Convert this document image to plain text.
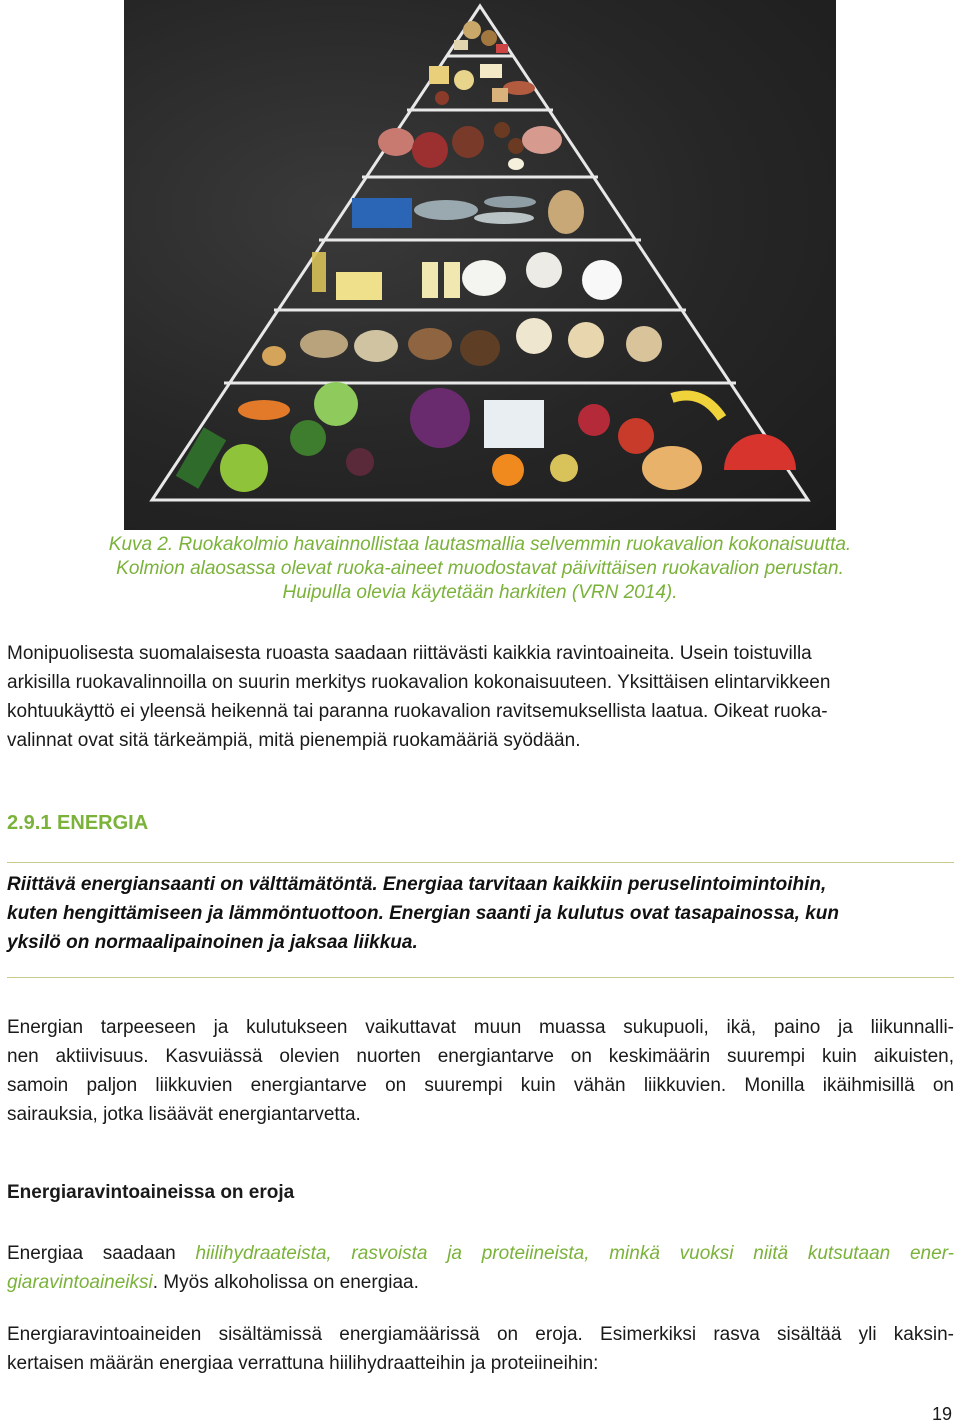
Kuva 2. Ruokakolmio havainnollistaa lautasmallia selvemmin ruokavalion kokonaisuutta.
Kolmion alaosassa olevat ruoka-aineet muodostavat päivittäisen ruokavalion perustan.
Huipulla olevia käytetään harkiten (VRN 2014).
Monipuolisesta suomalaisesta ruoasta saadaan riittävästi kaikkia ravintoaineita. Usein toistuvilla
arkisilla ruokavalinnoilla on suurin merkitys ruokavalion kokonaisuuteen. Yksittäisen elintarvikkeen
kohtuukäyttö ei yleensä heikennä tai paranna ruokavalion ravitsemuksellista laatua. Oikeat ruoka-
valinnat ovat sitä tärkeämpiä, mitä pienempiä ruokamääriä syödään.
2.9.1 ENERGIA
Riittävä energiansaanti on välttämätöntä. Energiaa tarvitaan kaikkiin peruselintoimintoihin,
kuten hengittämiseen ja lämmöntuottoon. Energian saanti ja kulutus ovat tasapainossa, kun
yksilö on normaalipainoinen ja jaksaa liikkua.
Energian tarpeeseen ja kulutukseen vaikuttavat muun muassa sukupuoli, ikä, paino ja liikunnalli-
nen aktiivisuus. Kasvuiässä olevien nuorten energiantarve on keskimäärin suurempi kuin aikuisten,
samoin paljon liikkuvien energiantarve on suurempi kuin vähän liikkuvien. Monilla ikäihmisillä on
sairauksia, jotka lisäävät energiantarvetta.
Energiaravintoaineissa on eroja
Energiaa saadaan hiilihydraateista, rasvoista ja proteiineista, minkä vuoksi niitä kutsutaan ener-
giaravintoaineiksi. Myös alkoholissa on energiaa.
Energiaravintoaineiden sisältämissä energiamäärissä on eroja. Esimerkiksi rasva sisältää yli kaksin-
kertaisen määrän energiaa verrattuna hiilihydraatteihin ja proteiineihin:
19
